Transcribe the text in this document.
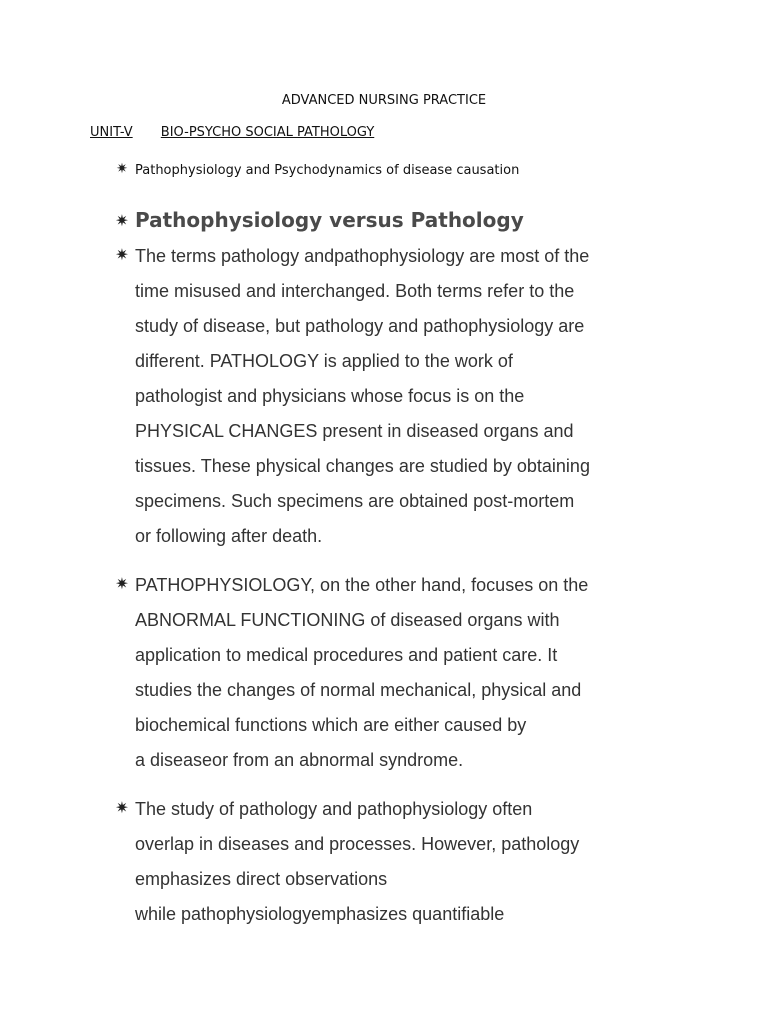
ADVANCED NURSING PRACTICE
UNIT-V BIO-PSYCHO SOCIAL PATHOLOGY
✷ Pathophysiology and Psychodynamics of disease causation
✷ Pathophysiology versus Pathology
✷ The terms pathology andpathophysiology are most of the
time misused and interchanged. Both terms refer to the
study of disease, but pathology and pathophysiology are
different. PATHOLOGY is applied to the work of
pathologist and physicians whose focus is on the
PHYSICAL CHANGES present in diseased organs and
tissues. These physical changes are studied by obtaining
specimens. Such specimens are obtained post-mortem
or following after death.
✷ PATHOPHYSIOLOGY, on the other hand, focuses on the
ABNORMAL FUNCTIONING of diseased organs with
application to medical procedures and patient care. It
studies the changes of normal mechanical, physical and
biochemical functions which are either caused by
a diseaseor from an abnormal syndrome.
✷ The study of pathology and pathophysiology often
overlap in diseases and processes. However, pathology
emphasizes direct observations
while pathophysiologyemphasizes quantifiable
